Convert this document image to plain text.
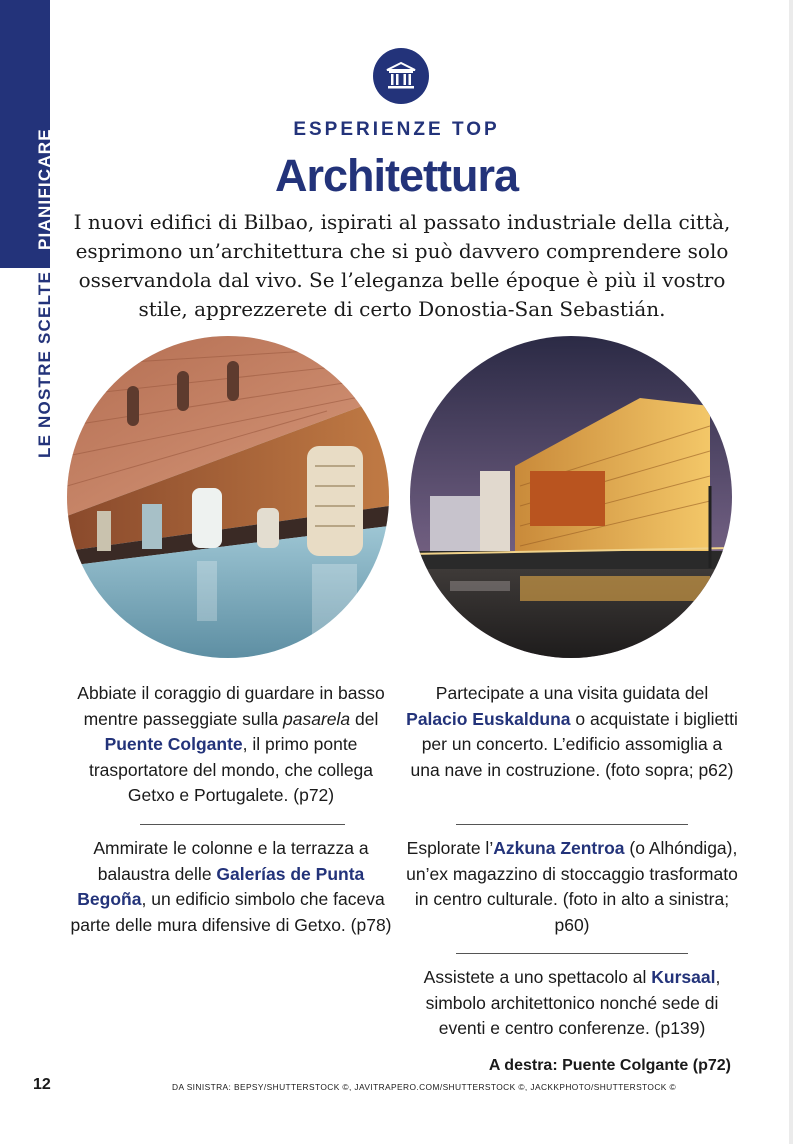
PIANIFICARE
LE NOSTRE SCELTE
ESPERIENZE TOP
Architettura
I nuovi edifici di Bilbao, ispirati al passato industriale della città, esprimono un’architettura che si può davvero comprendere solo osservandola dal vivo. Se l’eleganza belle époque è più il vostro stile, apprezzerete di certo Donostia-San Sebastián.
Abbiate il coraggio di guardare in basso mentre passeggiate sulla pasarela del Puente Colgante, il primo ponte trasportatore del mondo, che collega Getxo e Portugalete. (p72)
Ammirate le colonne e la terrazza a balaustra delle Galerías de Punta Begoña, un edificio simbolo che faceva parte delle mura difensive di Getxo. (p78)
Partecipate a una visita guidata del Palacio Euskalduna o acquistate i biglietti per un concerto. L’edificio assomiglia a una nave in costruzione. (foto sopra; p62)
Esplorate l’Azkuna Zentroa (o Alhóndiga), un’ex magazzino di stoccaggio trasformato in centro culturale. (foto in alto a sinistra; p60)
Assistete a uno spettacolo al Kursaal, simbolo architettonico nonché sede di eventi e centro conferenze. (p139)
A destra: Puente Colgante (p72)
12	DA SINISTRA: BEPSY/SHUTTERSTOCK ©, JAVITRAPERO.COM/SHUTTERSTOCK ©, JACKKPHOTO/SHUTTERSTOCK ©
